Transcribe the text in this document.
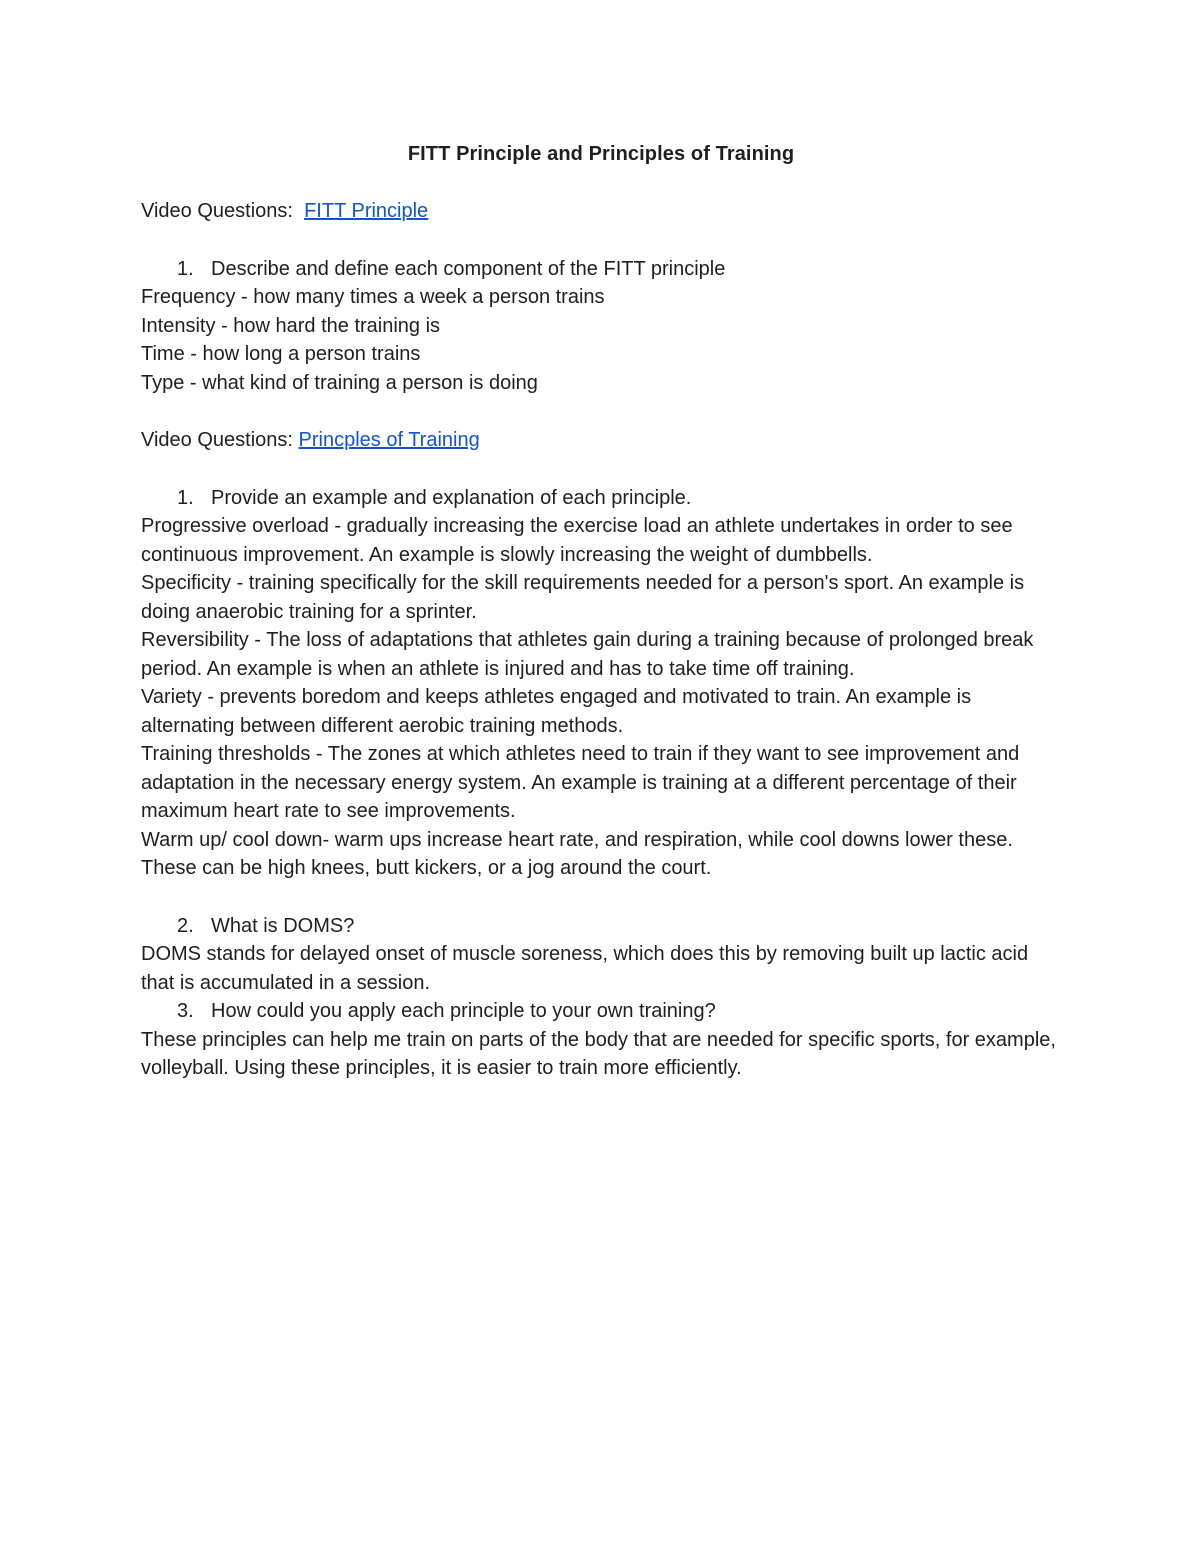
FITT Principle and Principles of Training

Video Questions: FITT Principle

1. Describe and define each component of the FITT principle

Frequency - how many times a week a person trains

Intensity - how hard the training is

Time - how long a person trains

Type - what kind of training a person is doing

Video Questions: Princples of Training

1. Provide an example and explanation of each principle.

Progressive overload - gradually increasing the exercise load an athlete undertakes in order to see continuous improvement. An example is slowly increasing the weight of dumbbells.

Specificity - training specifically for the skill requirements needed for a person's sport. An example is doing anaerobic training for a sprinter.

Reversibility - The loss of adaptations that athletes gain during a training because of prolonged break period. An example is when an athlete is injured and has to take time off training.

Variety - prevents boredom and keeps athletes engaged and motivated to train. An example is alternating between different aerobic training methods.

Training thresholds - The zones at which athletes need to train if they want to see improvement and adaptation in the necessary energy system. An example is training at a different percentage of their maximum heart rate to see improvements.

Warm up/ cool down- warm ups increase heart rate, and respiration, while cool downs lower these. These can be high knees, butt kickers, or a jog around the court.

2. What is DOMS?

DOMS stands for delayed onset of muscle soreness, which does this by removing built up lactic acid that is accumulated in a session.

3. How could you apply each principle to your own training?

These principles can help me train on parts of the body that are needed for specific sports, for example, volleyball. Using these principles, it is easier to train more efficiently.
